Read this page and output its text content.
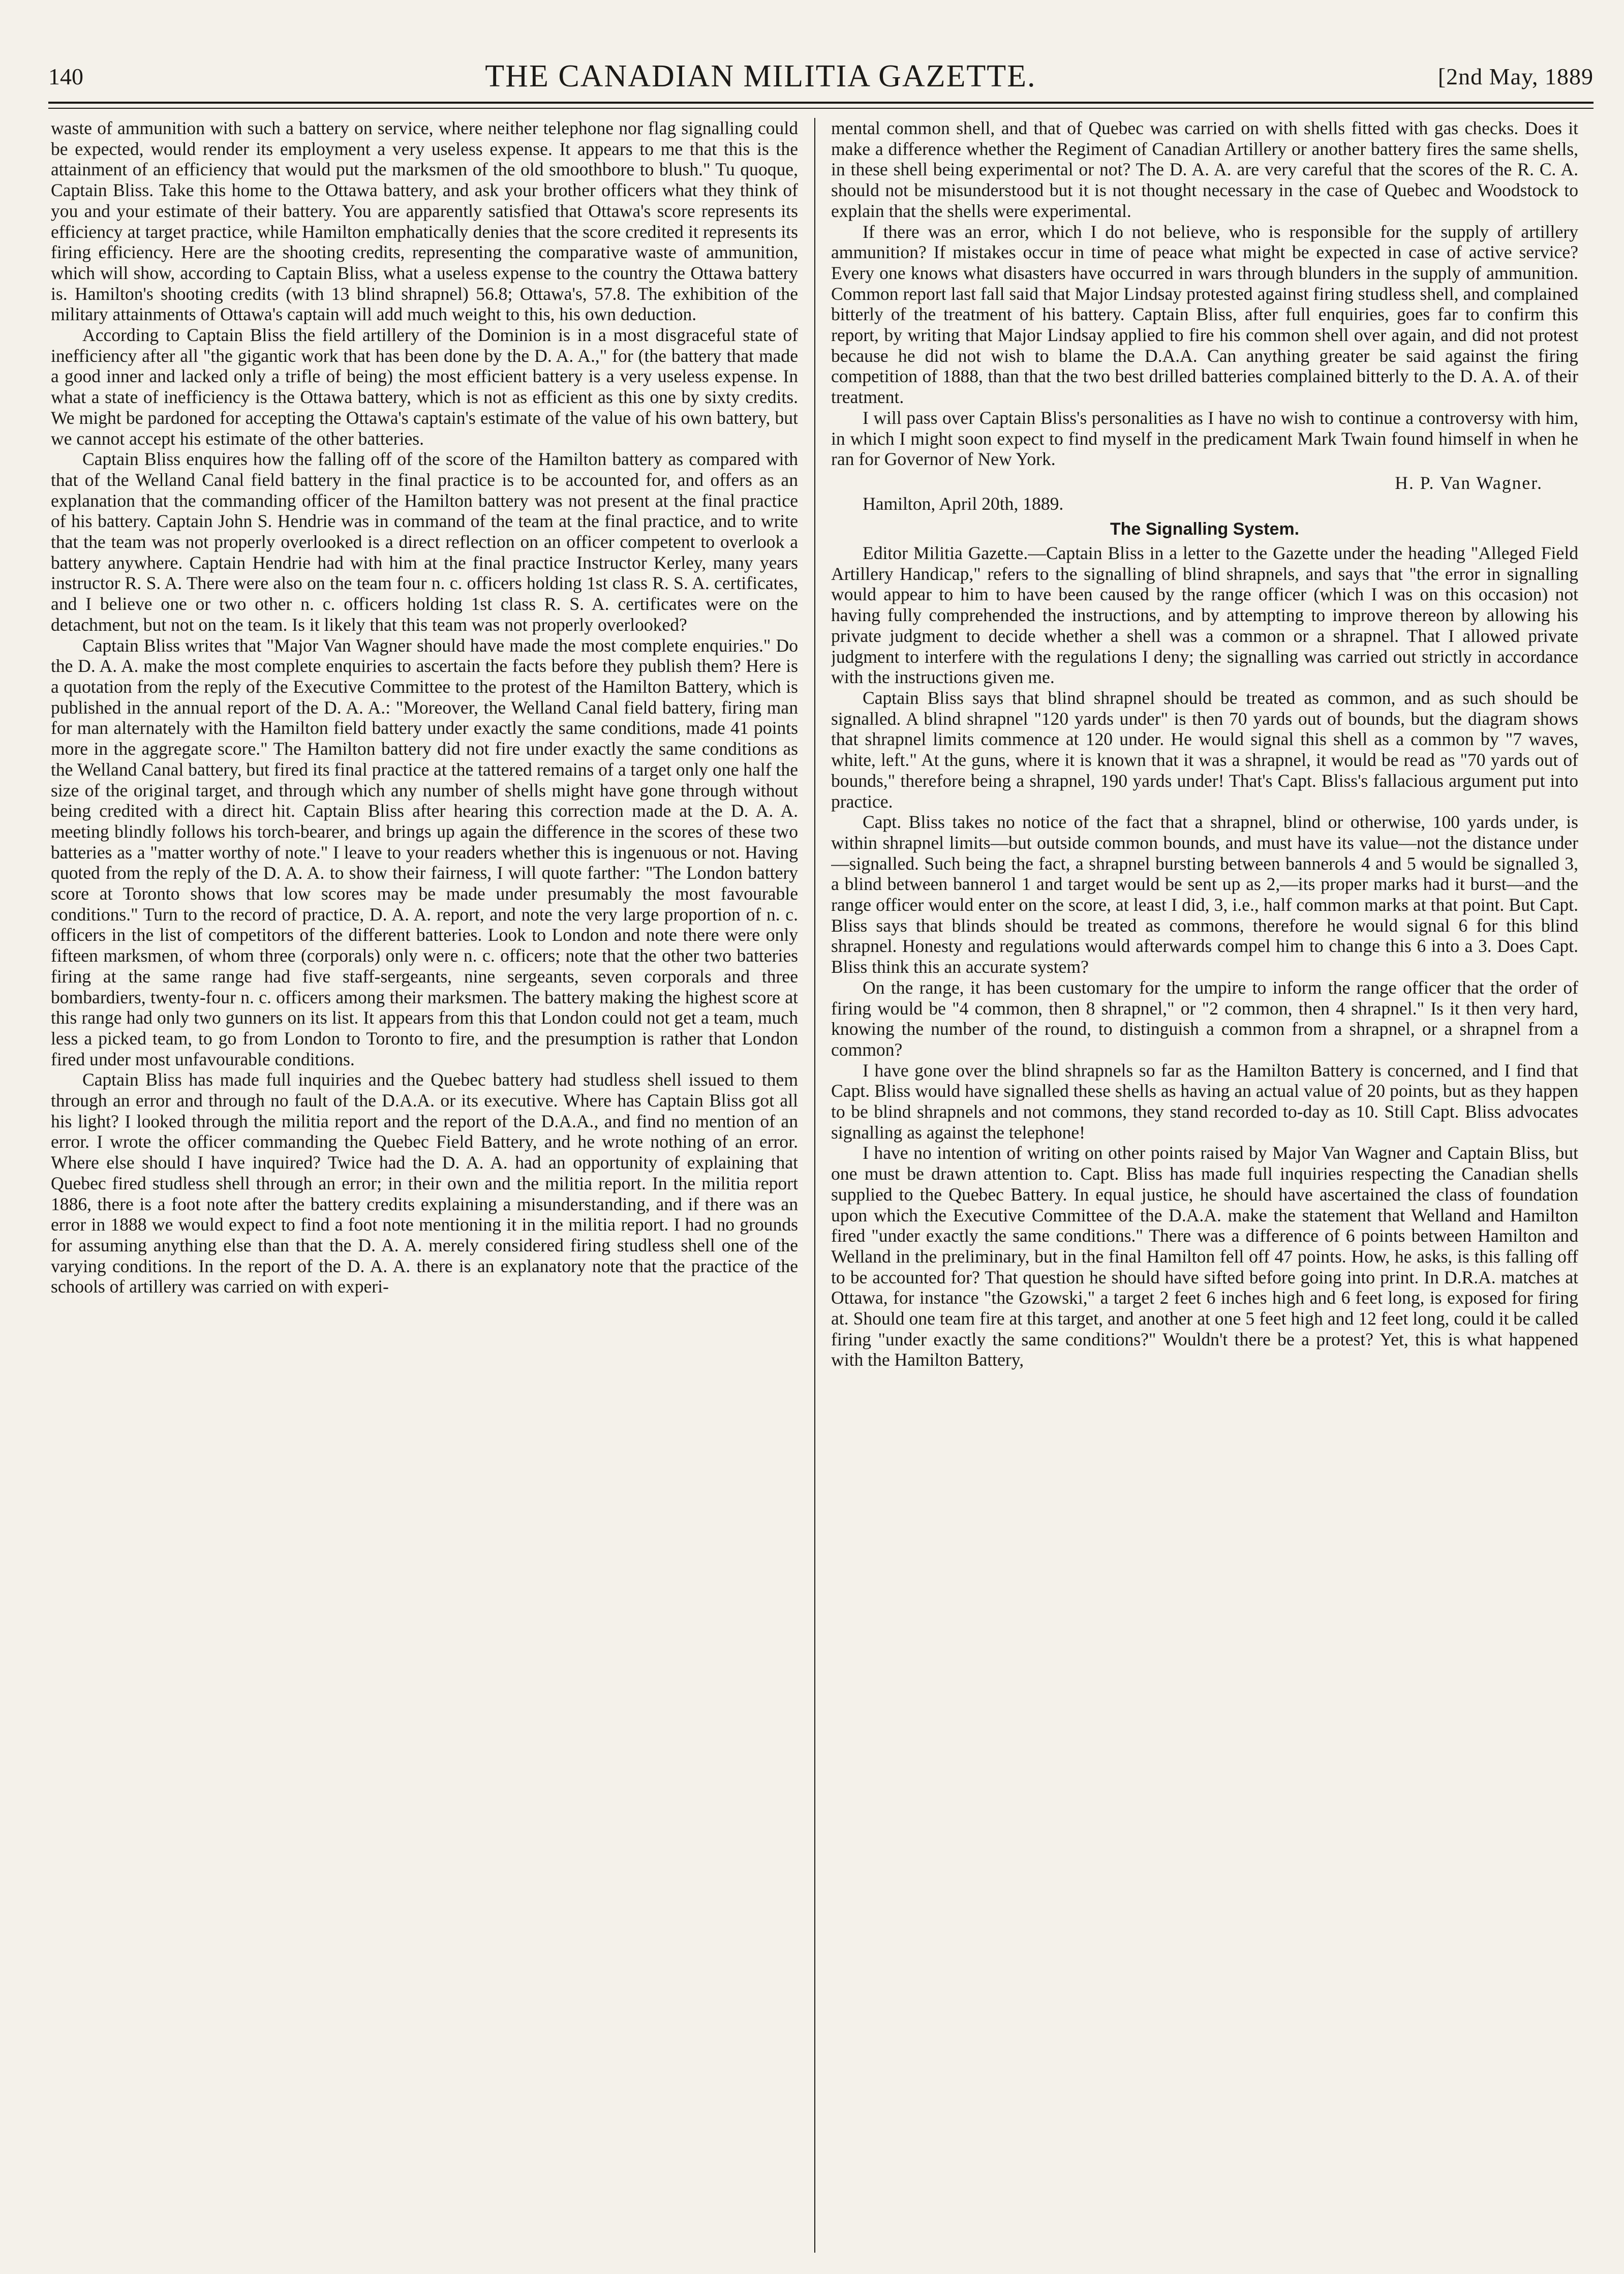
140	THE CANADIAN MILITIA GAZETTE.	[2nd May, 1889

waste of ammunition with such a battery on service, where neither telephone nor flag signalling could be expected, would render its employment a very useless expense. It appears to me that this is the attainment of an efficiency that would put the marksmen of the old smoothbore to blush." Tu quoque, Captain Bliss. Take this home to the Ottawa battery, and ask your brother officers what they think of you and your estimate of their battery. You are apparently satisfied that Ottawa's score represents its efficiency at target practice, while Hamilton emphatically denies that the score credited it represents its firing efficiency. Here are the shooting credits, representing the comparative waste of ammunition, which will show, according to Captain Bliss, what a useless expense to the country the Ottawa battery is. Hamilton's shooting credits (with 13 blind shrapnel) 56.8; Ottawa's, 57.8. The exhibition of the military attainments of Ottawa's captain will add much weight to this, his own deduction.

According to Captain Bliss the field artillery of the Dominion is in a most disgraceful state of inefficiency after all "the gigantic work that has been done by the D. A. A.," for (the battery that made a good inner and lacked only a trifle of being) the most efficient battery is a very useless expense. In what a state of inefficiency is the Ottawa battery, which is not as efficient as this one by sixty credits. We might be pardoned for accepting the Ottawa's captain's estimate of the value of his own battery, but we cannot accept his estimate of the other batteries.

Captain Bliss enquires how the falling off of the score of the Hamilton battery as compared with that of the Welland Canal field battery in the final practice is to be accounted for, and offers as an explanation that the commanding officer of the Hamilton battery was not present at the final practice of his battery. Captain John S. Hendrie was in command of the team at the final practice, and to write that the team was not properly overlooked is a direct reflection on an officer competent to overlook a battery anywhere. Captain Hendrie had with him at the final practice Instructor Kerley, many years instructor R. S. A. There were also on the team four n. c. officers holding 1st class R. S. A. certificates, and I believe one or two other n. c. officers holding 1st class R. S. A. certificates were on the detachment, but not on the team. Is it likely that this team was not properly overlooked?

Captain Bliss writes that "Major Van Wagner should have made the most complete enquiries." Do the D. A. A. make the most complete enquiries to ascertain the facts before they publish them? Here is a quotation from the reply of the Executive Committee to the protest of the Hamilton Battery, which is published in the annual report of the D. A. A.: "Moreover, the Welland Canal field battery, firing man for man alternately with the Hamilton field battery under exactly the same conditions, made 41 points more in the aggregate score." The Hamilton battery did not fire under exactly the same conditions as the Welland Canal battery, but fired its final practice at the tattered remains of a target only one half the size of the original target, and through which any number of shells might have gone through without being credited with a direct hit. Captain Bliss after hearing this correction made at the D. A. A. meeting blindly follows his torch-bearer, and brings up again the difference in the scores of these two batteries as a "matter worthy of note." I leave to your readers whether this is ingenuous or not. Having quoted from the reply of the D. A. A. to show their fairness, I will quote farther: "The London battery score at Toronto shows that low scores may be made under presumably the most favourable conditions." Turn to the record of practice, D. A. A. report, and note the very large proportion of n. c. officers in the list of competitors of the different batteries. Look to London and note there were only fifteen marksmen, of whom three (corporals) only were n. c. officers; note that the other two batteries firing at the same range had five staff-sergeants, nine sergeants, seven corporals and three bombardiers, twenty-four n. c. officers among their marksmen. The battery making the highest score at this range had only two gunners on its list. It appears from this that London could not get a team, much less a picked team, to go from London to Toronto to fire, and the presumption is rather that London fired under most unfavourable conditions.

Captain Bliss has made full inquiries and the Quebec battery had studless shell issued to them through an error and through no fault of the D.A.A. or its executive. Where has Captain Bliss got all his light? I looked through the militia report and the report of the D.A.A., and find no mention of an error. I wrote the officer commanding the Quebec Field Battery, and he wrote nothing of an error. Where else should I have inquired? Twice had the D. A. A. had an opportunity of explaining that Quebec fired studless shell through an error; in their own and the militia report. In the militia report 1886, there is a foot note after the battery credits explaining a misunderstanding, and if there was an error in 1888 we would expect to find a foot note mentioning it in the militia report. I had no grounds for assuming anything else than that the D. A. A. merely considered firing studless shell one of the varying conditions. In the report of the D. A. A. there is an explanatory note that the practice of the schools of artillery was carried on with experi-

mental common shell, and that of Quebec was carried on with shells fitted with gas checks. Does it make a difference whether the Regiment of Canadian Artillery or another battery fires the same shells, in these shell being experimental or not? The D. A. A. are very careful that the scores of the R. C. A. should not be misunderstood but it is not thought necessary in the case of Quebec and Woodstock to explain that the shells were experimental.

If there was an error, which I do not believe, who is responsible for the supply of artillery ammunition? If mistakes occur in time of peace what might be expected in case of active service? Every one knows what disasters have occurred in wars through blunders in the supply of ammunition. Common report last fall said that Major Lindsay protested against firing studless shell, and complained bitterly of the treatment of his battery. Captain Bliss, after full enquiries, goes far to confirm this report, by writing that Major Lindsay applied to fire his common shell over again, and did not protest because he did not wish to blame the D.A.A. Can anything greater be said against the firing competition of 1888, than that the two best drilled batteries complained bitterly to the D. A. A. of their treatment.

I will pass over Captain Bliss's personalities as I have no wish to continue a controversy with him, in which I might soon expect to find myself in the predicament Mark Twain found himself in when he ran for Governor of New York.

H. P. Van Wagner.

Hamilton, April 20th, 1889.

The Signalling System.

Editor Militia Gazette.—Captain Bliss in a letter to the Gazette under the heading "Alleged Field Artillery Handicap," refers to the signalling of blind shrapnels, and says that "the error in signalling would appear to him to have been caused by the range officer (which I was on this occasion) not having fully comprehended the instructions, and by attempting to improve thereon by allowing his private judgment to decide whether a shell was a common or a shrapnel. That I allowed private judgment to interfere with the regulations I deny; the signalling was carried out strictly in accordance with the instructions given me.

Captain Bliss says that blind shrapnel should be treated as common, and as such should be signalled. A blind shrapnel "120 yards under" is then 70 yards out of bounds, but the diagram shows that shrapnel limits commence at 120 under. He would signal this shell as a common by "7 waves, white, left." At the guns, where it is known that it was a shrapnel, it would be read as "70 yards out of bounds," therefore being a shrapnel, 190 yards under! That's Capt. Bliss's fallacious argument put into practice.

Capt. Bliss takes no notice of the fact that a shrapnel, blind or otherwise, 100 yards under, is within shrapnel limits—but outside common bounds, and must have its value—not the distance under—signalled. Such being the fact, a shrapnel bursting between bannerols 4 and 5 would be signalled 3, a blind between bannerol 1 and target would be sent up as 2,—its proper marks had it burst—and the range officer would enter on the score, at least I did, 3, i.e., half common marks at that point. But Capt. Bliss says that blinds should be treated as commons, therefore he would signal 6 for this blind shrapnel. Honesty and regulations would afterwards compel him to change this 6 into a 3. Does Capt. Bliss think this an accurate system?

On the range, it has been customary for the umpire to inform the range officer that the order of firing would be "4 common, then 8 shrapnel," or "2 common, then 4 shrapnel." Is it then very hard, knowing the number of the round, to distinguish a common from a shrapnel, or a shrapnel from a common?

I have gone over the blind shrapnels so far as the Hamilton Battery is concerned, and I find that Capt. Bliss would have signalled these shells as having an actual value of 20 points, but as they happen to be blind shrapnels and not commons, they stand recorded to-day as 10. Still Capt. Bliss advocates signalling as against the telephone!

I have no intention of writing on other points raised by Major Van Wagner and Captain Bliss, but one must be drawn attention to. Capt. Bliss has made full inquiries respecting the Canadian shells supplied to the Quebec Battery. In equal justice, he should have ascertained the class of foundation upon which the Executive Committee of the D.A.A. make the statement that Welland and Hamilton fired "under exactly the same conditions." There was a difference of 6 points between Hamilton and Welland in the preliminary, but in the final Hamilton fell off 47 points. How, he asks, is this falling off to be accounted for? That question he should have sifted before going into print. In D.R.A. matches at Ottawa, for instance "the Gzowski," a target 2 feet 6 inches high and 6 feet long, is exposed for firing at. Should one team fire at this target, and another at one 5 feet high and 12 feet long, could it be called firing "under exactly the same conditions?" Wouldn't there be a protest? Yet, this is what happened with the Hamilton Battery,
